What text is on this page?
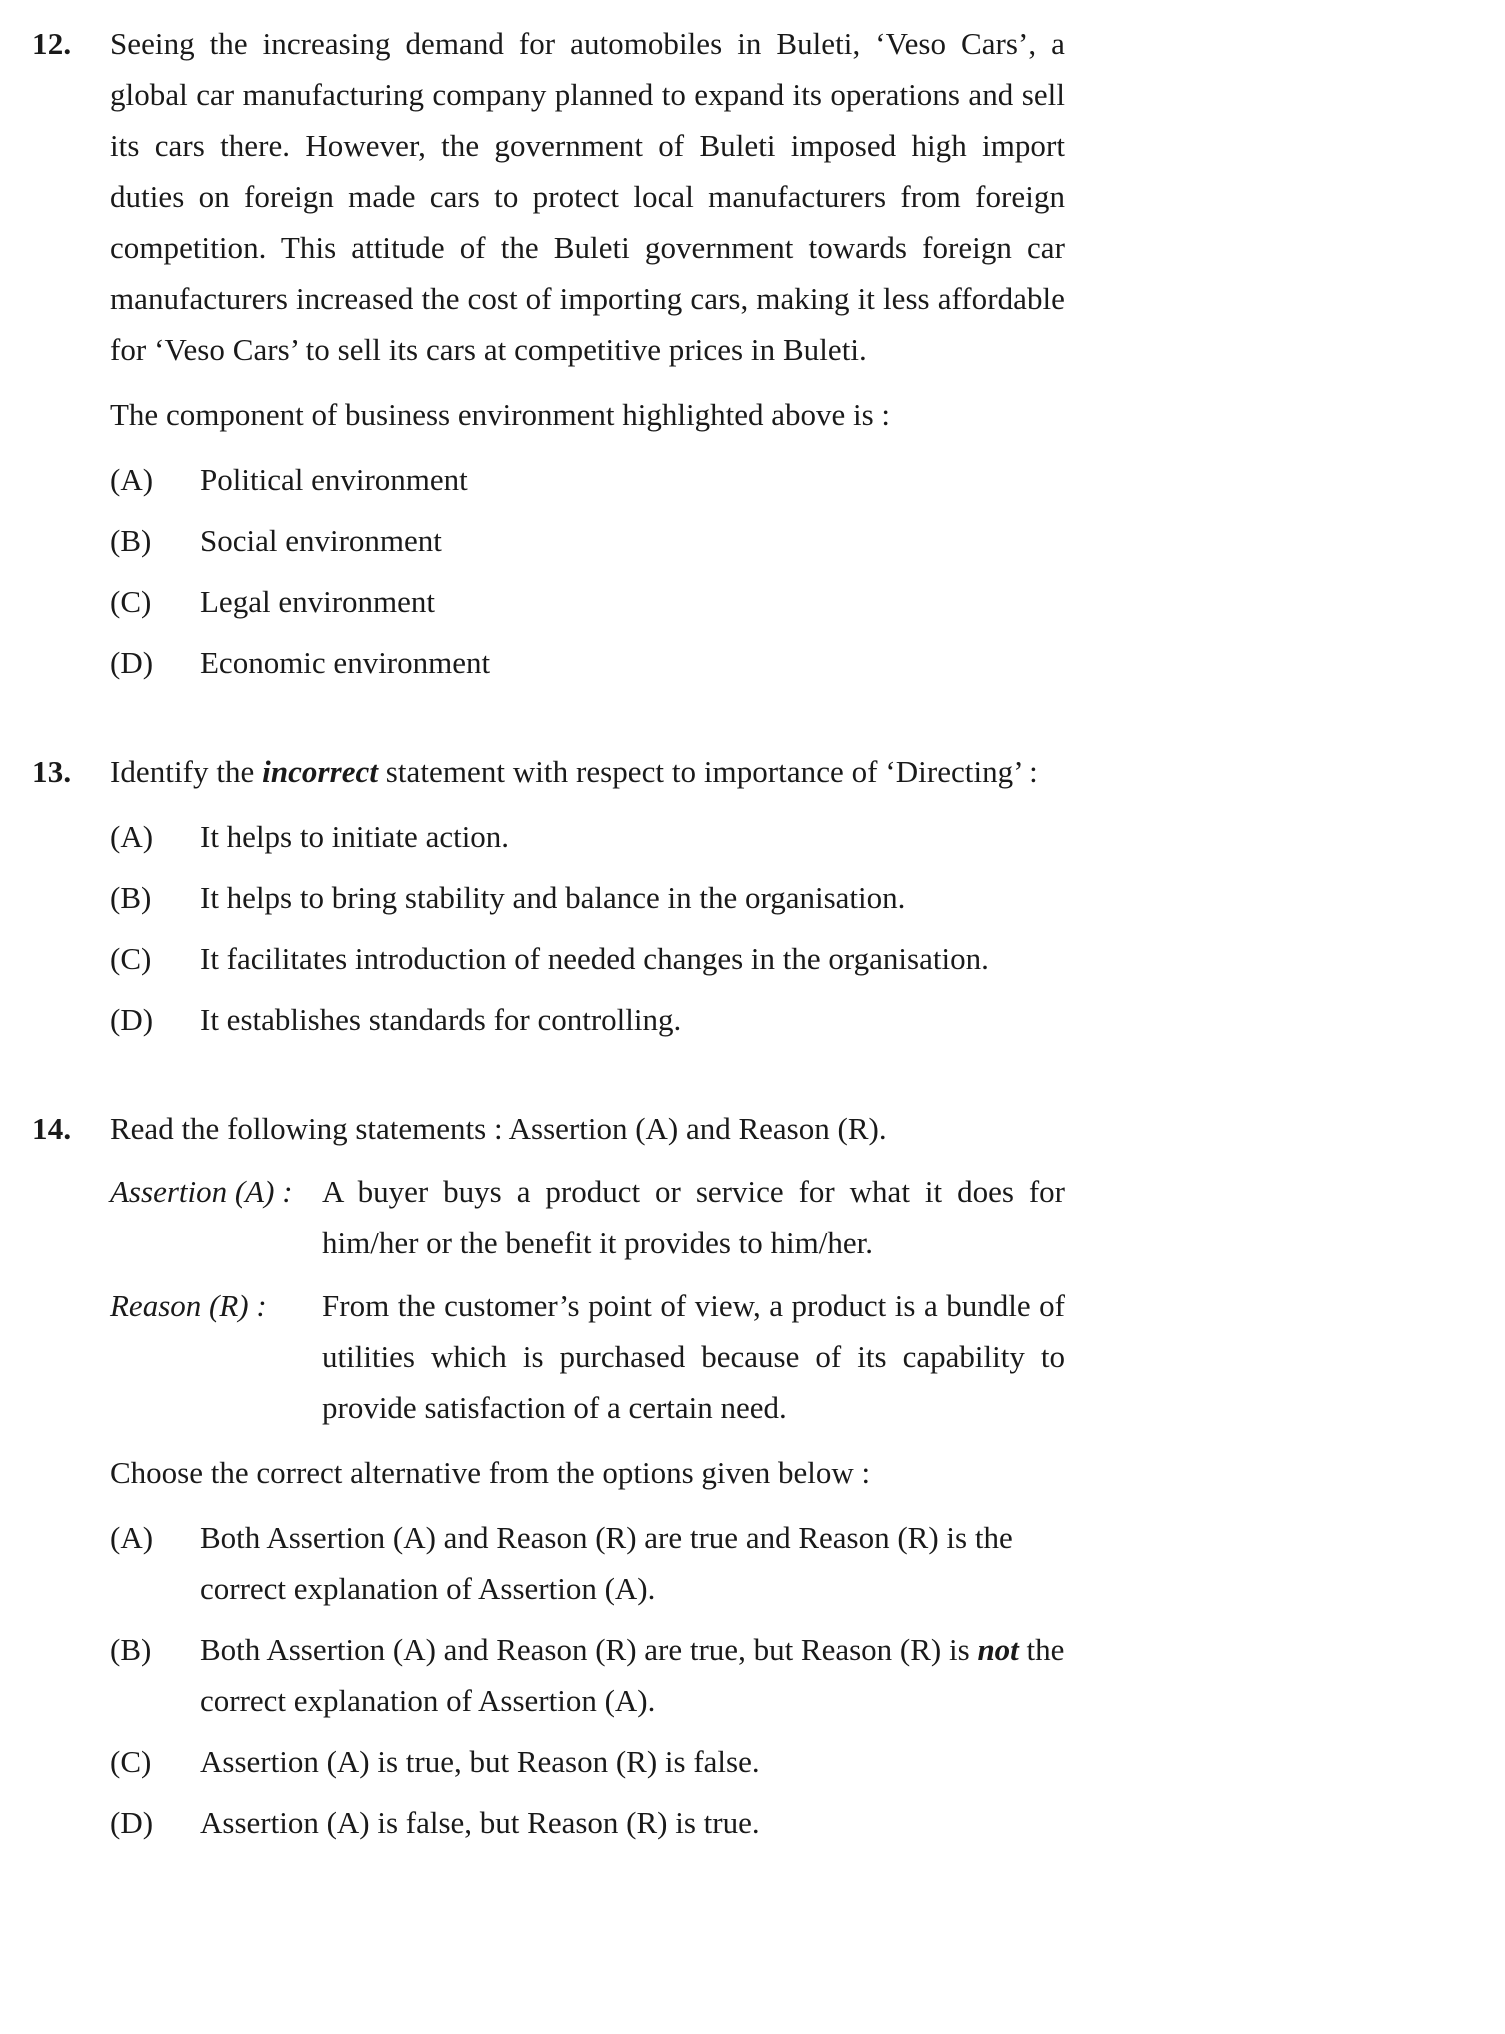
12.	Seeing the increasing demand for automobiles in Buleti, ‘Veso Cars’, a global car manufacturing company planned to expand its operations and sell its cars there. However, the government of Buleti imposed high import duties on foreign made cars to protect local manufacturers from foreign competition. This attitude of the Buleti government towards foreign car manufacturers increased the cost of importing cars, making it less affordable for ‘Veso Cars’ to sell its cars at competitive prices in Buleti.
The component of business environment highlighted above is :
(A)	Political environment
(B)	Social environment
(C)	Legal environment
(D)	Economic environment
13.	Identify the incorrect statement with respect to importance of ‘Directing’ :
(A)	It helps to initiate action.
(B)	It helps to bring stability and balance in the organisation.
(C)	It facilitates introduction of needed changes in the organisation.
(D)	It establishes standards for controlling.
14.	Read the following statements : Assertion (A) and Reason (R).
Assertion (A) : A buyer buys a product or service for what it does for him/her or the benefit it provides to him/her.
Reason (R) :	From the customer’s point of view, a product is a bundle of utilities which is purchased because of its capability to provide satisfaction of a certain need.
Choose the correct alternative from the options given below :
(A)	Both Assertion (A) and Reason (R) are true and Reason (R) is the correct explanation of Assertion (A).
(B)	Both Assertion (A) and Reason (R) are true, but Reason (R) is not the correct explanation of Assertion (A).
(C)	Assertion (A) is true, but Reason (R) is false.
(D)	Assertion (A) is false, but Reason (R) is true.
